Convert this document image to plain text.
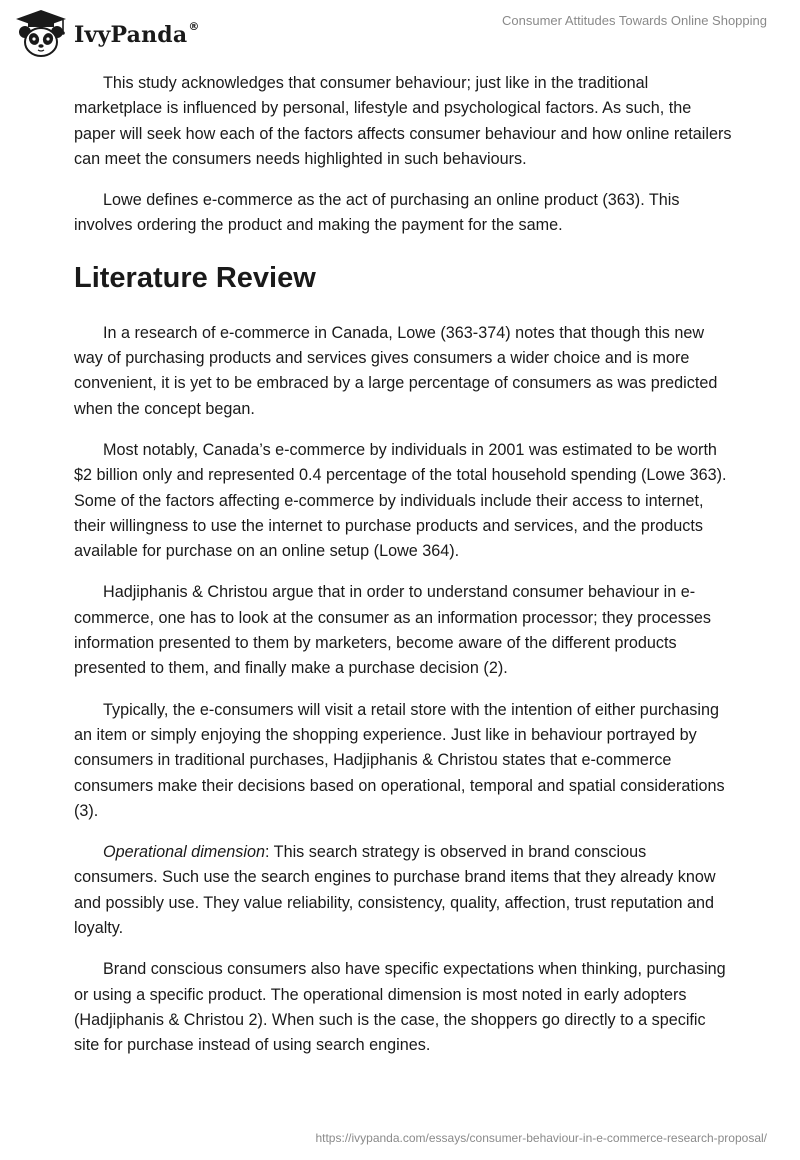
IvyPanda®	Consumer Attitudes Towards Online Shopping

This study acknowledges that consumer behaviour; just like in the traditional marketplace is influenced by personal, lifestyle and psychological factors. As such, the paper will seek how each of the factors affects consumer behaviour and how online retailers can meet the consumers needs highlighted in such behaviours.

Lowe defines e-commerce as the act of purchasing an online product (363). This involves ordering the product and making the payment for the same.

Literature Review

In a research of e-commerce in Canada, Lowe (363-374) notes that though this new way of purchasing products and services gives consumers a wider choice and is more convenient, it is yet to be embraced by a large percentage of consumers as was predicted when the concept began.

Most notably, Canada’s e-commerce by individuals in 2001 was estimated to be worth $2 billion only and represented 0.4 percentage of the total household spending (Lowe 363). Some of the factors affecting e-commerce by individuals include their access to internet, their willingness to use the internet to purchase products and services, and the products available for purchase on an online setup (Lowe 364).

Hadjiphanis & Christou argue that in order to understand consumer behaviour in e-commerce, one has to look at the consumer as an information processor; they processes information presented to them by marketers, become aware of the different products presented to them, and finally make a purchase decision (2).

Typically, the e-consumers will visit a retail store with the intention of either purchasing an item or simply enjoying the shopping experience. Just like in behaviour portrayed by consumers in traditional purchases, Hadjiphanis & Christou states that e-commerce consumers make their decisions based on operational, temporal and spatial considerations (3).

Operational dimension: This search strategy is observed in brand conscious consumers. Such use the search engines to purchase brand items that they already know and possibly use. They value reliability, consistency, quality, affection, trust reputation and loyalty.

Brand conscious consumers also have specific expectations when thinking, purchasing or using a specific product. The operational dimension is most noted in early adopters (Hadjiphanis & Christou 2). When such is the case, the shoppers go directly to a specific site for purchase instead of using search engines.

https://ivypanda.com/essays/consumer-behaviour-in-e-commerce-research-proposal/
